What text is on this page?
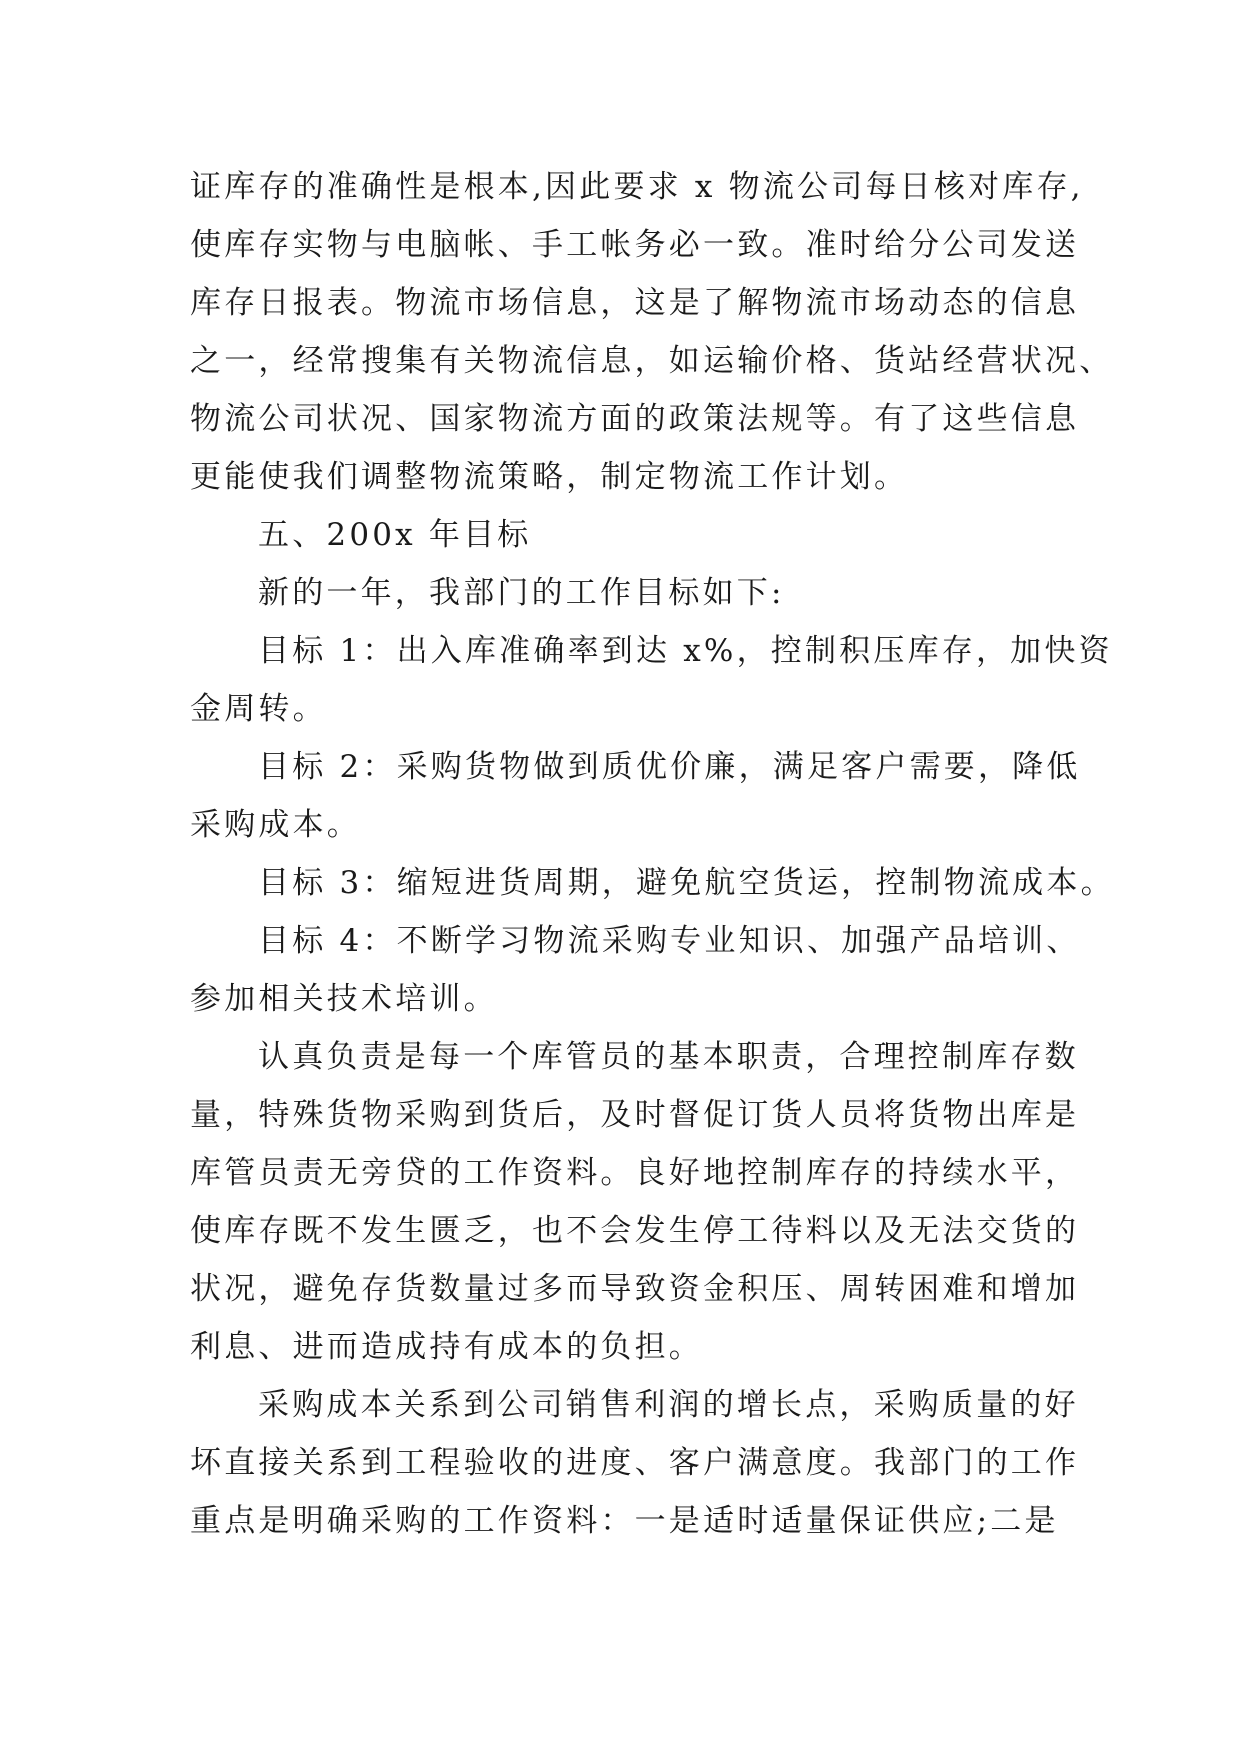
证库存的准确性是根本,因此要求 x 物流公司每日核对库存,
使库存实物与电脑帐、手工帐务必一致。准时给分公司发送
库存日报表。物流市场信息，这是了解物流市场动态的信息
之一，经常搜集有关物流信息，如运输价格、货站经营状况、
物流公司状况、国家物流方面的政策法规等。有了这些信息
更能使我们调整物流策略，制定物流工作计划。
五、200x 年目标
新的一年，我部门的工作目标如下:
目标 1：出入库准确率到达 x%，控制积压库存，加快资
金周转。
目标 2：采购货物做到质优价廉，满足客户需要，降低
采购成本。
目标 3：缩短进货周期，避免航空货运，控制物流成本。
目标 4：不断学习物流采购专业知识、加强产品培训、
参加相关技术培训。
认真负责是每一个库管员的基本职责，合理控制库存数
量，特殊货物采购到货后，及时督促订货人员将货物出库是
库管员责无旁贷的工作资料。良好地控制库存的持续水平，
使库存既不发生匮乏，也不会发生停工待料以及无法交货的
状况，避免存货数量过多而导致资金积压、周转困难和增加
利息、进而造成持有成本的负担。
采购成本关系到公司销售利润的增长点，采购质量的好
坏直接关系到工程验收的进度、客户满意度。我部门的工作
重点是明确采购的工作资料：一是适时适量保证供应;二是
